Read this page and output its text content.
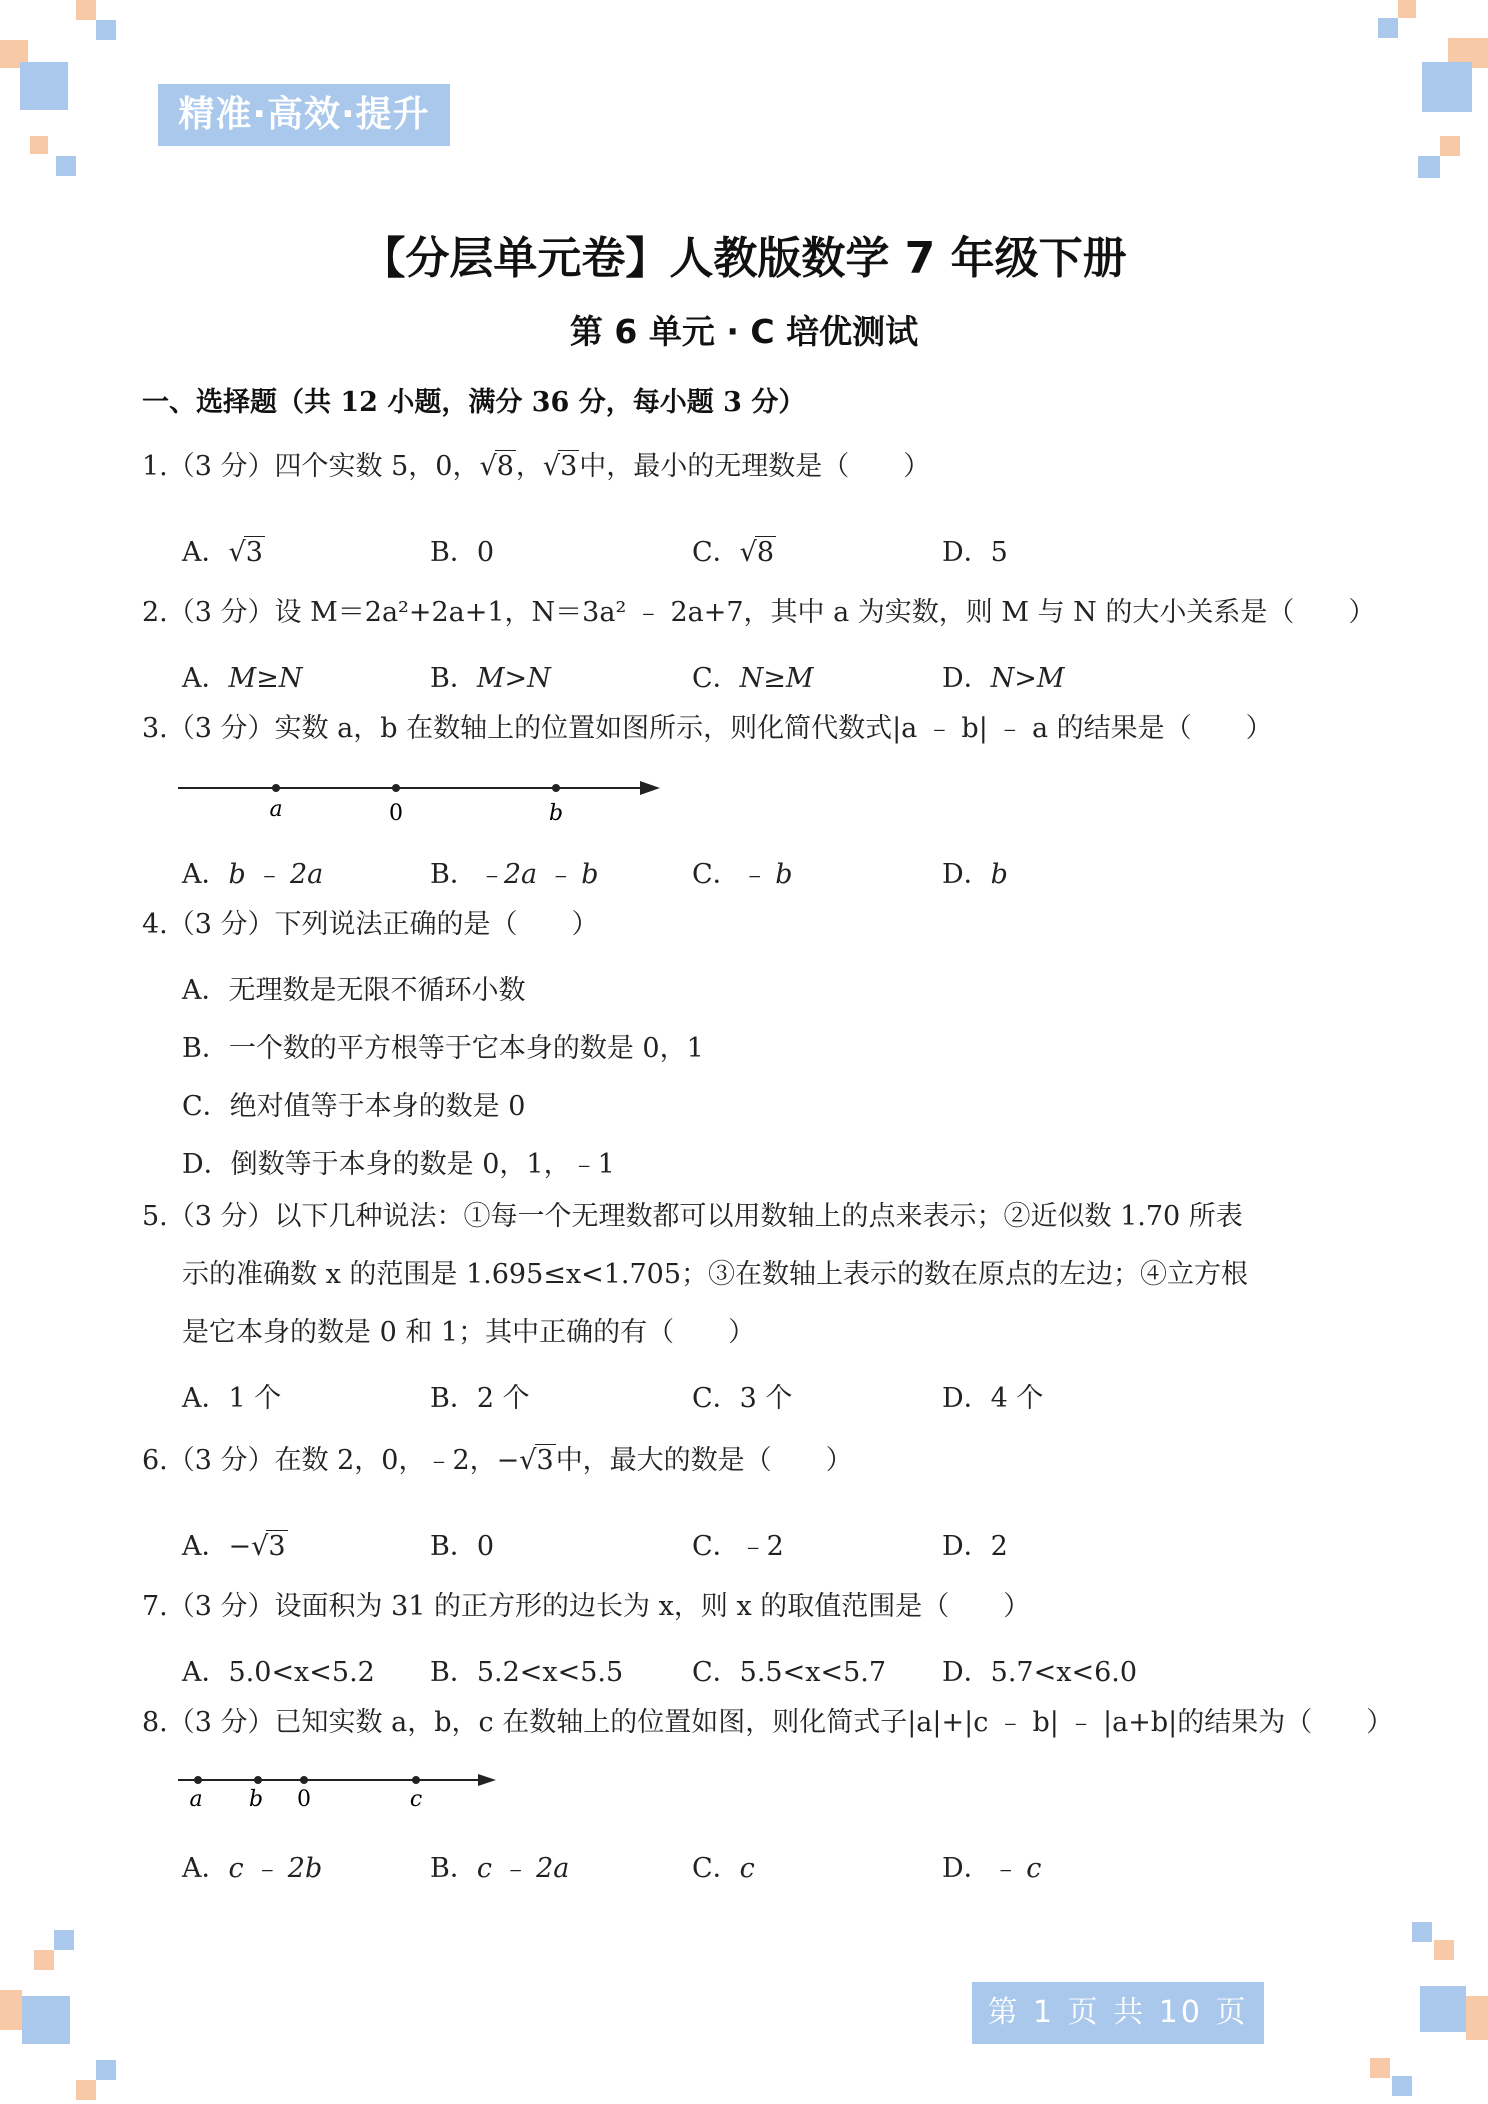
精准·高效·提升
【分层单元卷】人教版数学 7 年级下册
第 6 单元 · C 培优测试
一、选择题（共 12 小题，满分 36 分，每小题 3 分）
1.（3 分）四个实数 5，0，√8，√3中，最小的无理数是（　　）
A．√3	B．0	C．√8	D．5
2.（3 分）设 M＝2a²+2a+1，N＝3a² ﹣ 2a+7，其中 a 为实数，则 M 与 N 的大小关系是（　　）
A．M≥N	B．M>N	C．N≥M	D．N>M
3.（3 分）实数 a，b 在数轴上的位置如图所示，则化简代数式|a ﹣ b| ﹣ a 的结果是（　　）
a	0	b
A．b ﹣ 2a	B．﹣2a ﹣ b	C．﹣ b	D．b
4.（3 分）下列说法正确的是（　　）
A．无理数是无限不循环小数
B．一个数的平方根等于它本身的数是 0，1
C．绝对值等于本身的数是 0
D．倒数等于本身的数是 0，1，﹣1
5.（3 分）以下几种说法：①每一个无理数都可以用数轴上的点来表示；②近似数 1.70 所表
示的准确数 x 的范围是 1.695≤x<1.705；③在数轴上表示的数在原点的左边；④立方根
是它本身的数是 0 和 1；其中正确的有（　　）
A．1 个	B．2 个	C．3 个	D．4 个
6.（3 分）在数 2，0，﹣2，−√3中，最大的数是（　　）
A．−√3	B．0	C．﹣2	D．2
7.（3 分）设面积为 31 的正方形的边长为 x，则 x 的取值范围是（　　）
A．5.0<x<5.2 B．5.2<x<5.5	C．5.5<x<5.7 D．5.7<x<6.0
8.（3 分）已知实数 a，b，c 在数轴上的位置如图，则化简式子|a|+|c ﹣ b| ﹣ |a+b|的结果为（　　）
a b 0	c
A．c ﹣ 2b	B．c ﹣ 2a	C．c	D．﹣ c
第 1 页 共 10 页
